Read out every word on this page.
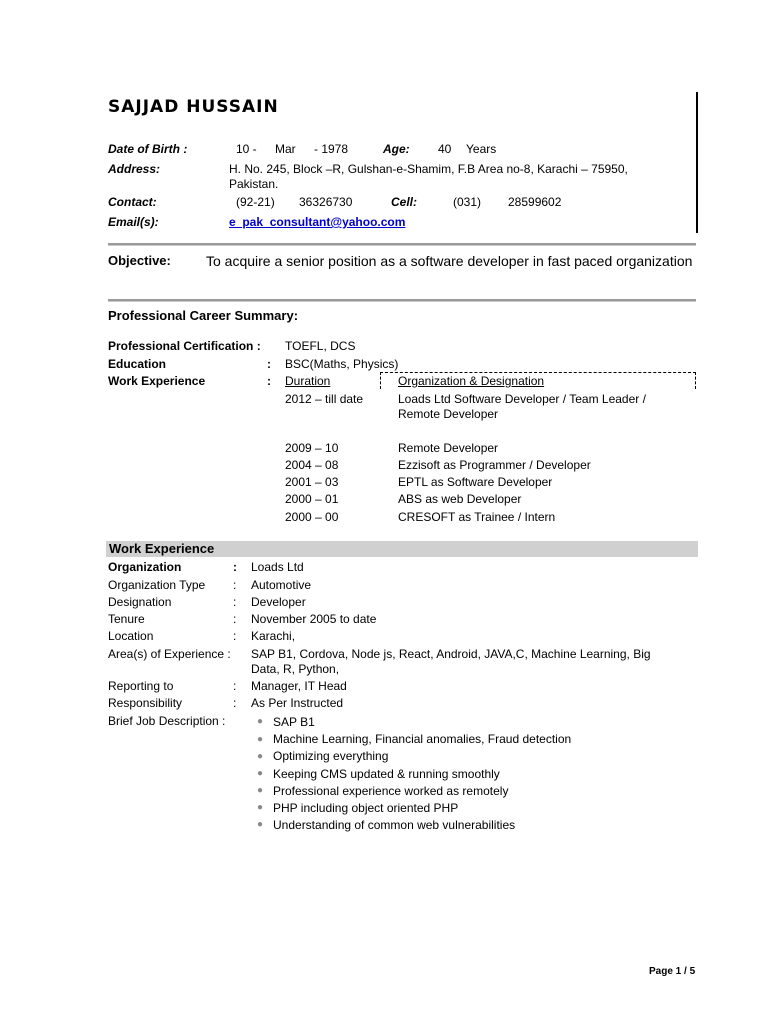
SAJJAD HUSSAIN
Date of Birth :	10 - Mar - 1978	Age: 40 Years
Address:	H. No. 245, Block –R, Gulshan-e-Shamim, F.B Area no-8, Karachi – 75950,
Pakistan.
Contact:	(92-21) 36326730	Cell:	(031) 28599602
Email(s):	e_pak_consultant@yahoo.com
Objective:	To acquire a senior position as a software developer in fast paced organization
Professional Career Summary:
Professional Certification : TOEFL, DCS
Education	: BSC(Maths, Physics)
Work Experience	: Duration	Organization & Designation
2012 – till date	Loads Ltd Software Developer / Team Leader /
Remote Developer
2009 – 10	Remote Developer
2004 – 08	Ezzisoft as Programmer / Developer
2001 – 03	EPTL as Software Developer
2000 – 01	ABS as web Developer
2000 – 00	CRESOFT as Trainee / Intern
Work Experience
Organization	: Loads Ltd
Organization Type : Automotive
Designation	: Developer
Tenure	: November 2005 to date
Location	: Karachi,
Area(s) of Experience : SAP B1, Cordova, Node js, React, Android, JAVA,C, Machine Learning, Big
Data, R, Python,
Reporting to	: Manager, IT Head
Responsibility	: As Per Instructed
Brief Job Description :	● SAP B1
● Machine Learning, Financial anomalies, Fraud detection
● Optimizing everything
● Keeping CMS updated & running smoothly
● Professional experience worked as remotely
● PHP including object oriented PHP
● Understanding of common web vulnerabilities
Page 1 / 5
